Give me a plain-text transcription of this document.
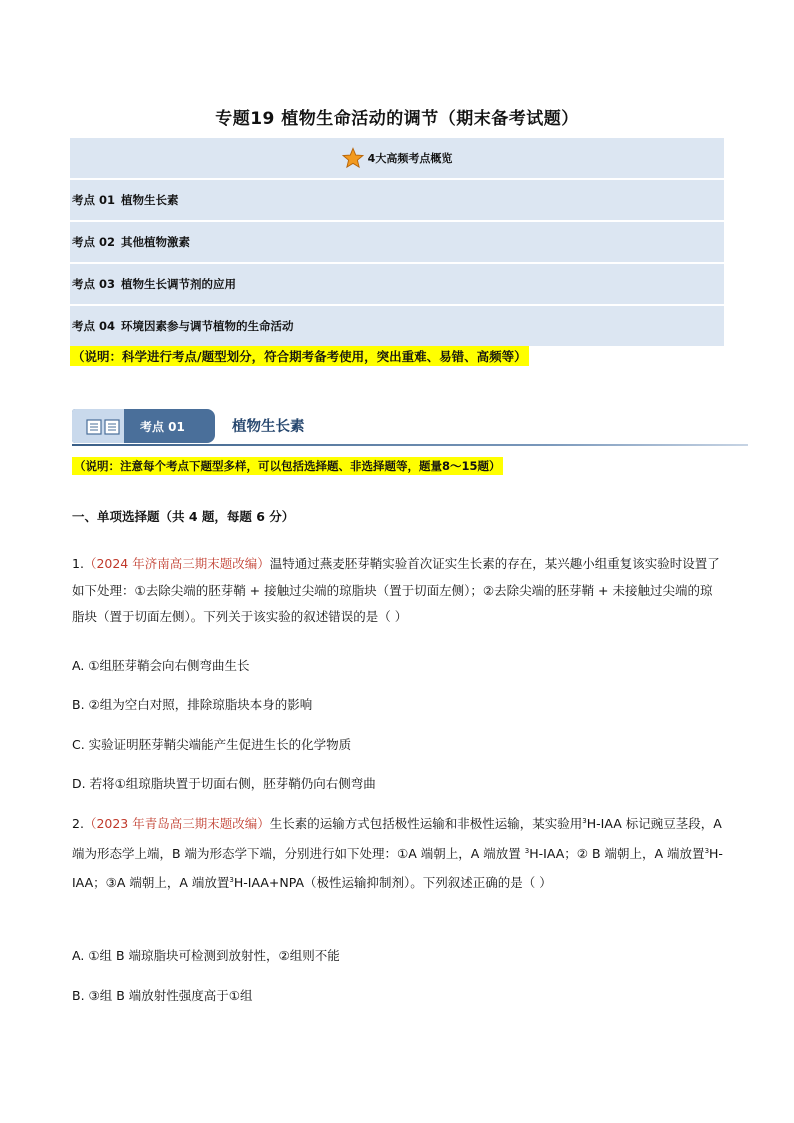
专题19 植物生命活动的调节（期末备考试题）
4大高频考点概览
考点 01 植物生长素
考点 02 其他植物激素
考点 03 植物生长调节剂的应用
考点 04 环境因素参与调节植物的生命活动
（说明：科学进行考点/题型划分，符合期考备考使用，突出重难、易错、高频等）
考点 01	植物生长素
（说明：注意每个考点下题型多样，可以包括选择题、非选择题等，题量8～15题）
一、单项选择题（共 4 题，每题 6 分）
1.（2024 年济南高三期末题改编）温特通过燕麦胚芽鞘实验首次证实生长素的存在，某兴趣小组重复该实验时设置了如下处理：①去除尖端的胚芽鞘 + 接触过尖端的琼脂块（置于切面左侧）；②去除尖端的胚芽鞘 + 未接触过尖端的琼脂块（置于切面左侧）。下列关于该实验的叙述错误的是（ ）
A. ①组胚芽鞘会向右侧弯曲生长
B. ②组为空白对照，排除琼脂块本身的影响
C. 实验证明胚芽鞘尖端能产生促进生长的化学物质
D. 若将①组琼脂块置于切面右侧，胚芽鞘仍向右侧弯曲
2.（2023 年青岛高三期末题改编）生长素的运输方式包括极性运输和非极性运输，某实验用$^3$H-IAA 标记豌豆茎段，A 端为形态学上端，B 端为形态学下端，分别进行如下处理：①A 端朝上，A 端放置 $^3$H-IAA；② B 端朝上，A 端放置$^3$H-IAA；③A 端朝上，A 端放置$^3$H-IAA+NPA（极性运输抑制剂）。下列叙述正确的是（ ）
A. ①组 B 端琼脂块可检测到放射性，②组则不能
B. ③组 B 端放射性强度高于①组
